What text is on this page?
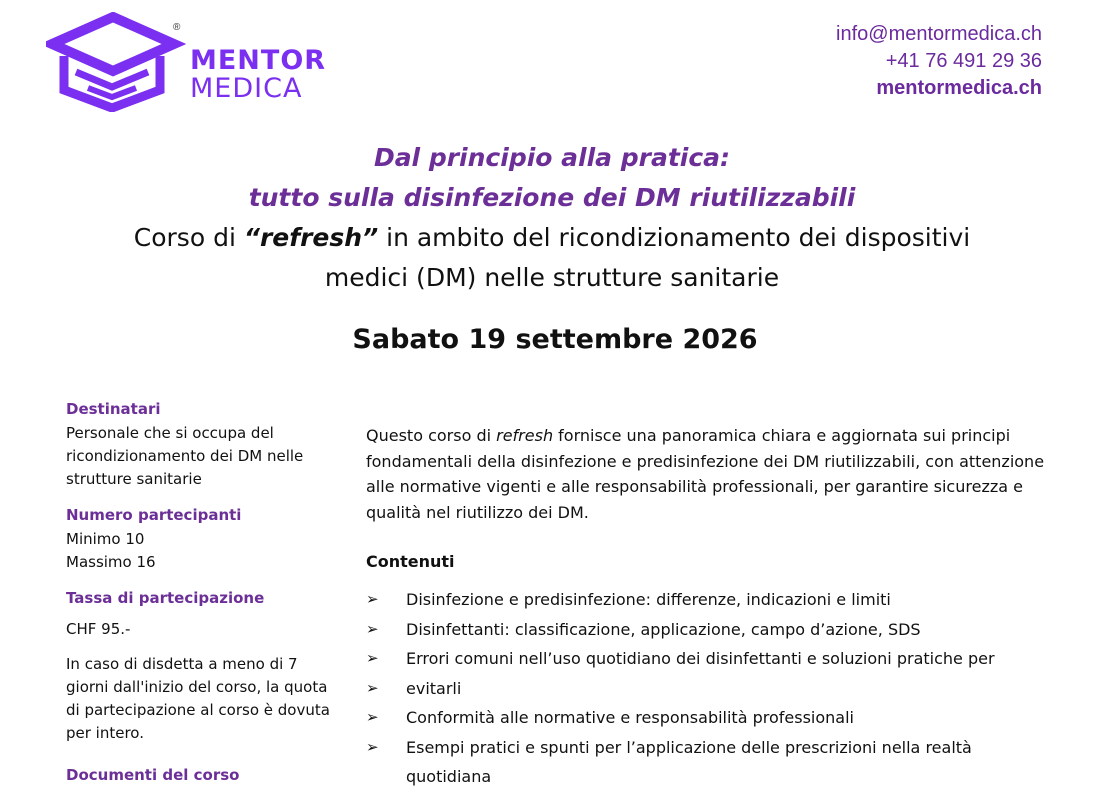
®
MENTOR
MEDICA
info@mentormedica.ch
+41 76 491 29 36
mentormedica.ch
Dal principio alla pratica:
tutto sulla disinfezione dei DM riutilizzabili
Corso di “refresh” in ambito del ricondizionamento dei dispositivi
medici (DM) nelle strutture sanitarie
Sabato 19 settembre 2026
Destinatari

Personale che si occupa del ricondizionamento dei DM nelle strutture sanitarie

Numero partecipanti

Minimo 10

Massimo 16

Tassa di partecipazione

CHF 95.-

In caso di disdetta a meno di 7 giorni dall'inizio del corso, la quota di partecipazione al corso è dovuta per intero.

Documenti del corso

Questo corso di refresh fornisce una panoramica chiara e aggiornata sui principi fondamentali della disinfezione e predisinfezione dei DM riutilizzabili, con attenzione alle normative vigenti e alle responsabilità professionali, per garantire sicurezza e qualità nel riutilizzo dei DM.

Contenuti
➢ Disinfezione e predisinfezione: differenze, indicazioni e limiti
➢ Disinfettanti: classificazione, applicazione, campo d’azione, SDS
➢ Errori comuni nell’uso quotidiano dei disinfettanti e soluzioni pratiche per
➢ evitarli
➢ Conformità alle normative e responsabilità professionali
➢ Esempi pratici e spunti per l’applicazione delle prescrizioni nella realtà quotidiana
